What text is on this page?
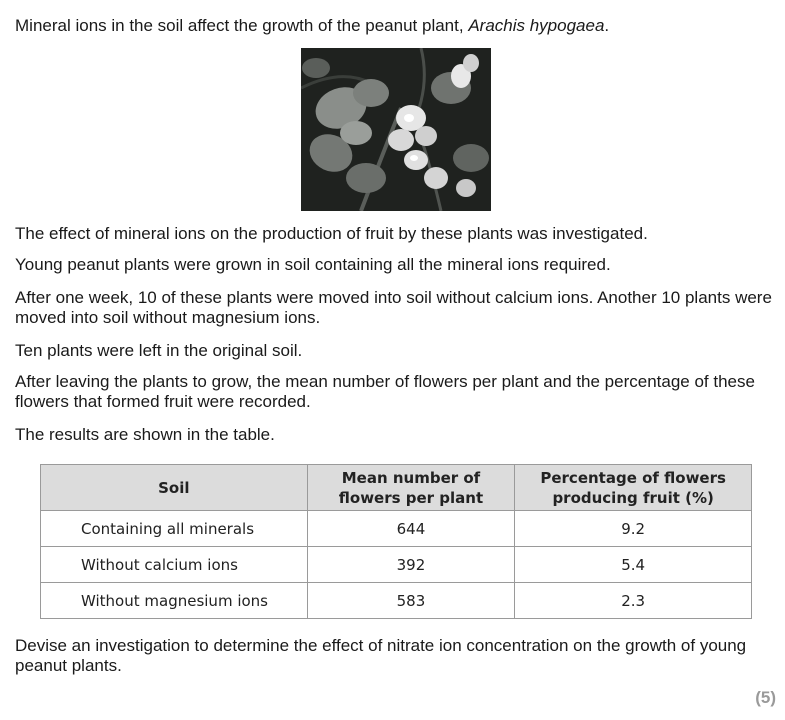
Mineral ions in the soil affect the growth of the peanut plant, Arachis hypogaea.

The effect of mineral ions on the production of fruit by these plants was investigated.

Young peanut plants were grown in soil containing all the mineral ions required.

After one week, 10 of these plants were moved into soil without calcium ions. Another 10 plants were moved into soil without magnesium ions.

Ten plants were left in the original soil.

After leaving the plants to grow, the mean number of flowers per plant and the percentage of these flowers that formed fruit were recorded.

The results are shown in the table.

Soil	Mean number of flowers per plant	Percentage of flowers producing fruit (%)
Containing all minerals	644	9.2
Without calcium ions	392	5.4
Without magnesium ions	583	2.3

Devise an investigation to determine the effect of nitrate ion concentration on the growth of young peanut plants.

(5)
